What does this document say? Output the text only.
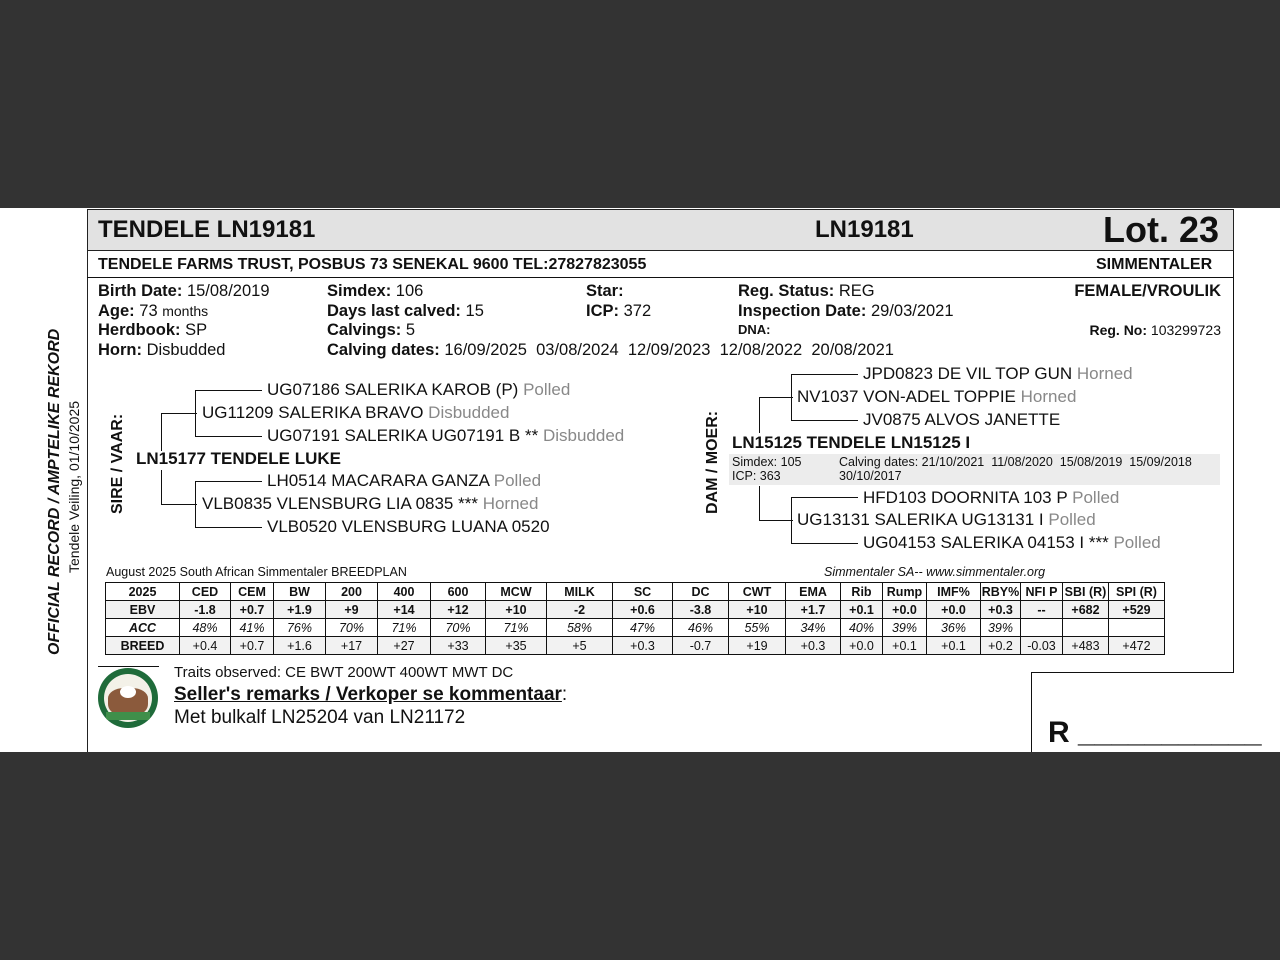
TENDELE LN19181	LN19181	Lot. 23
TENDELE FARMS TRUST, POSBUS 73 SENEKAL 9600 TEL:27827823055	SIMMENTALER
Birth Date: 15/08/2019
Age: 73 months
Herdbook: SP
Horn: Disbudded
Simdex: 106
Days last calved: 15
Calvings: 5
Calving dates: 16/09/2025  03/08/2024  12/09/2023  12/08/2022  20/08/2021
Star:
ICP: 372
Reg. Status: REG
Inspection Date: 29/03/2021
DNA:
FEMALE/VROULIK
Reg. No: 103299723
OFFICIAL RECORD / AMPTELIKE REKORD Tendele Veiling, 01/10/2025 SIRE / VAAR:	DAM / MOER:
UG07186 SALERIKA KAROB (P) Polled
UG11209 SALERIKA BRAVO Disbudded
UG07191 SALERIKA UG07191 B ** Disbudded
LN15177 TENDELE LUKE
LH0514 MACARARA GANZA Polled
VLB0835 VLENSBURG LIA 0835 *** Horned
VLB0520 VLENSBURG LUANA 0520
JPD0823 DE VIL TOP GUN Horned
NV1037 VON-ADEL TOPPIE Horned
JV0875 ALVOS JANETTE
LN15125 TENDELE LN15125 I
Simdex: 105
ICP: 363
Calving dates: 21/10/2021  11/08/2020  15/08/2019  15/09/2018
30/10/2017
HFD103 DOORNITA 103 P Polled
UG13131 SALERIKA UG13131 I Polled
UG04153 SALERIKA 04153 I *** Polled
August 2025 South African Simmentaler BREEDPLAN	Simmentaler SA-- www.simmentaler.org
2025	CED	CEM	BW	200	400	600	MCW	MILK	SC	DC	CWT	EMA	Rib	Rump	IMF%	RBY%	NFI P	SBI (R)	SPI (R)
EBV	-1.8	+0.7	+1.9	+9	+14	+12	+10	-2	+0.6	-3.8	+10	+1.7	+0.1	+0.0	+0.0	+0.3	--	+682	+529
ACC	48%	41%	76%	70%	71%	70%	71%	58%	47%	46%	55%	34%	40%	39%	36%	39%			
BREED	+0.4	+0.7	+1.6	+17	+27	+33	+35	+5	+0.3	-0.7	+19	+0.3	+0.0	+0.1	+0.1	+0.2	-0.03	+483	+472
Traits observed: CE BWT 200WT 400WT MWT DC
Seller's remarks / Verkoper se kommentaar:
Met bulkalf LN25204 van LN21172	R ___________
